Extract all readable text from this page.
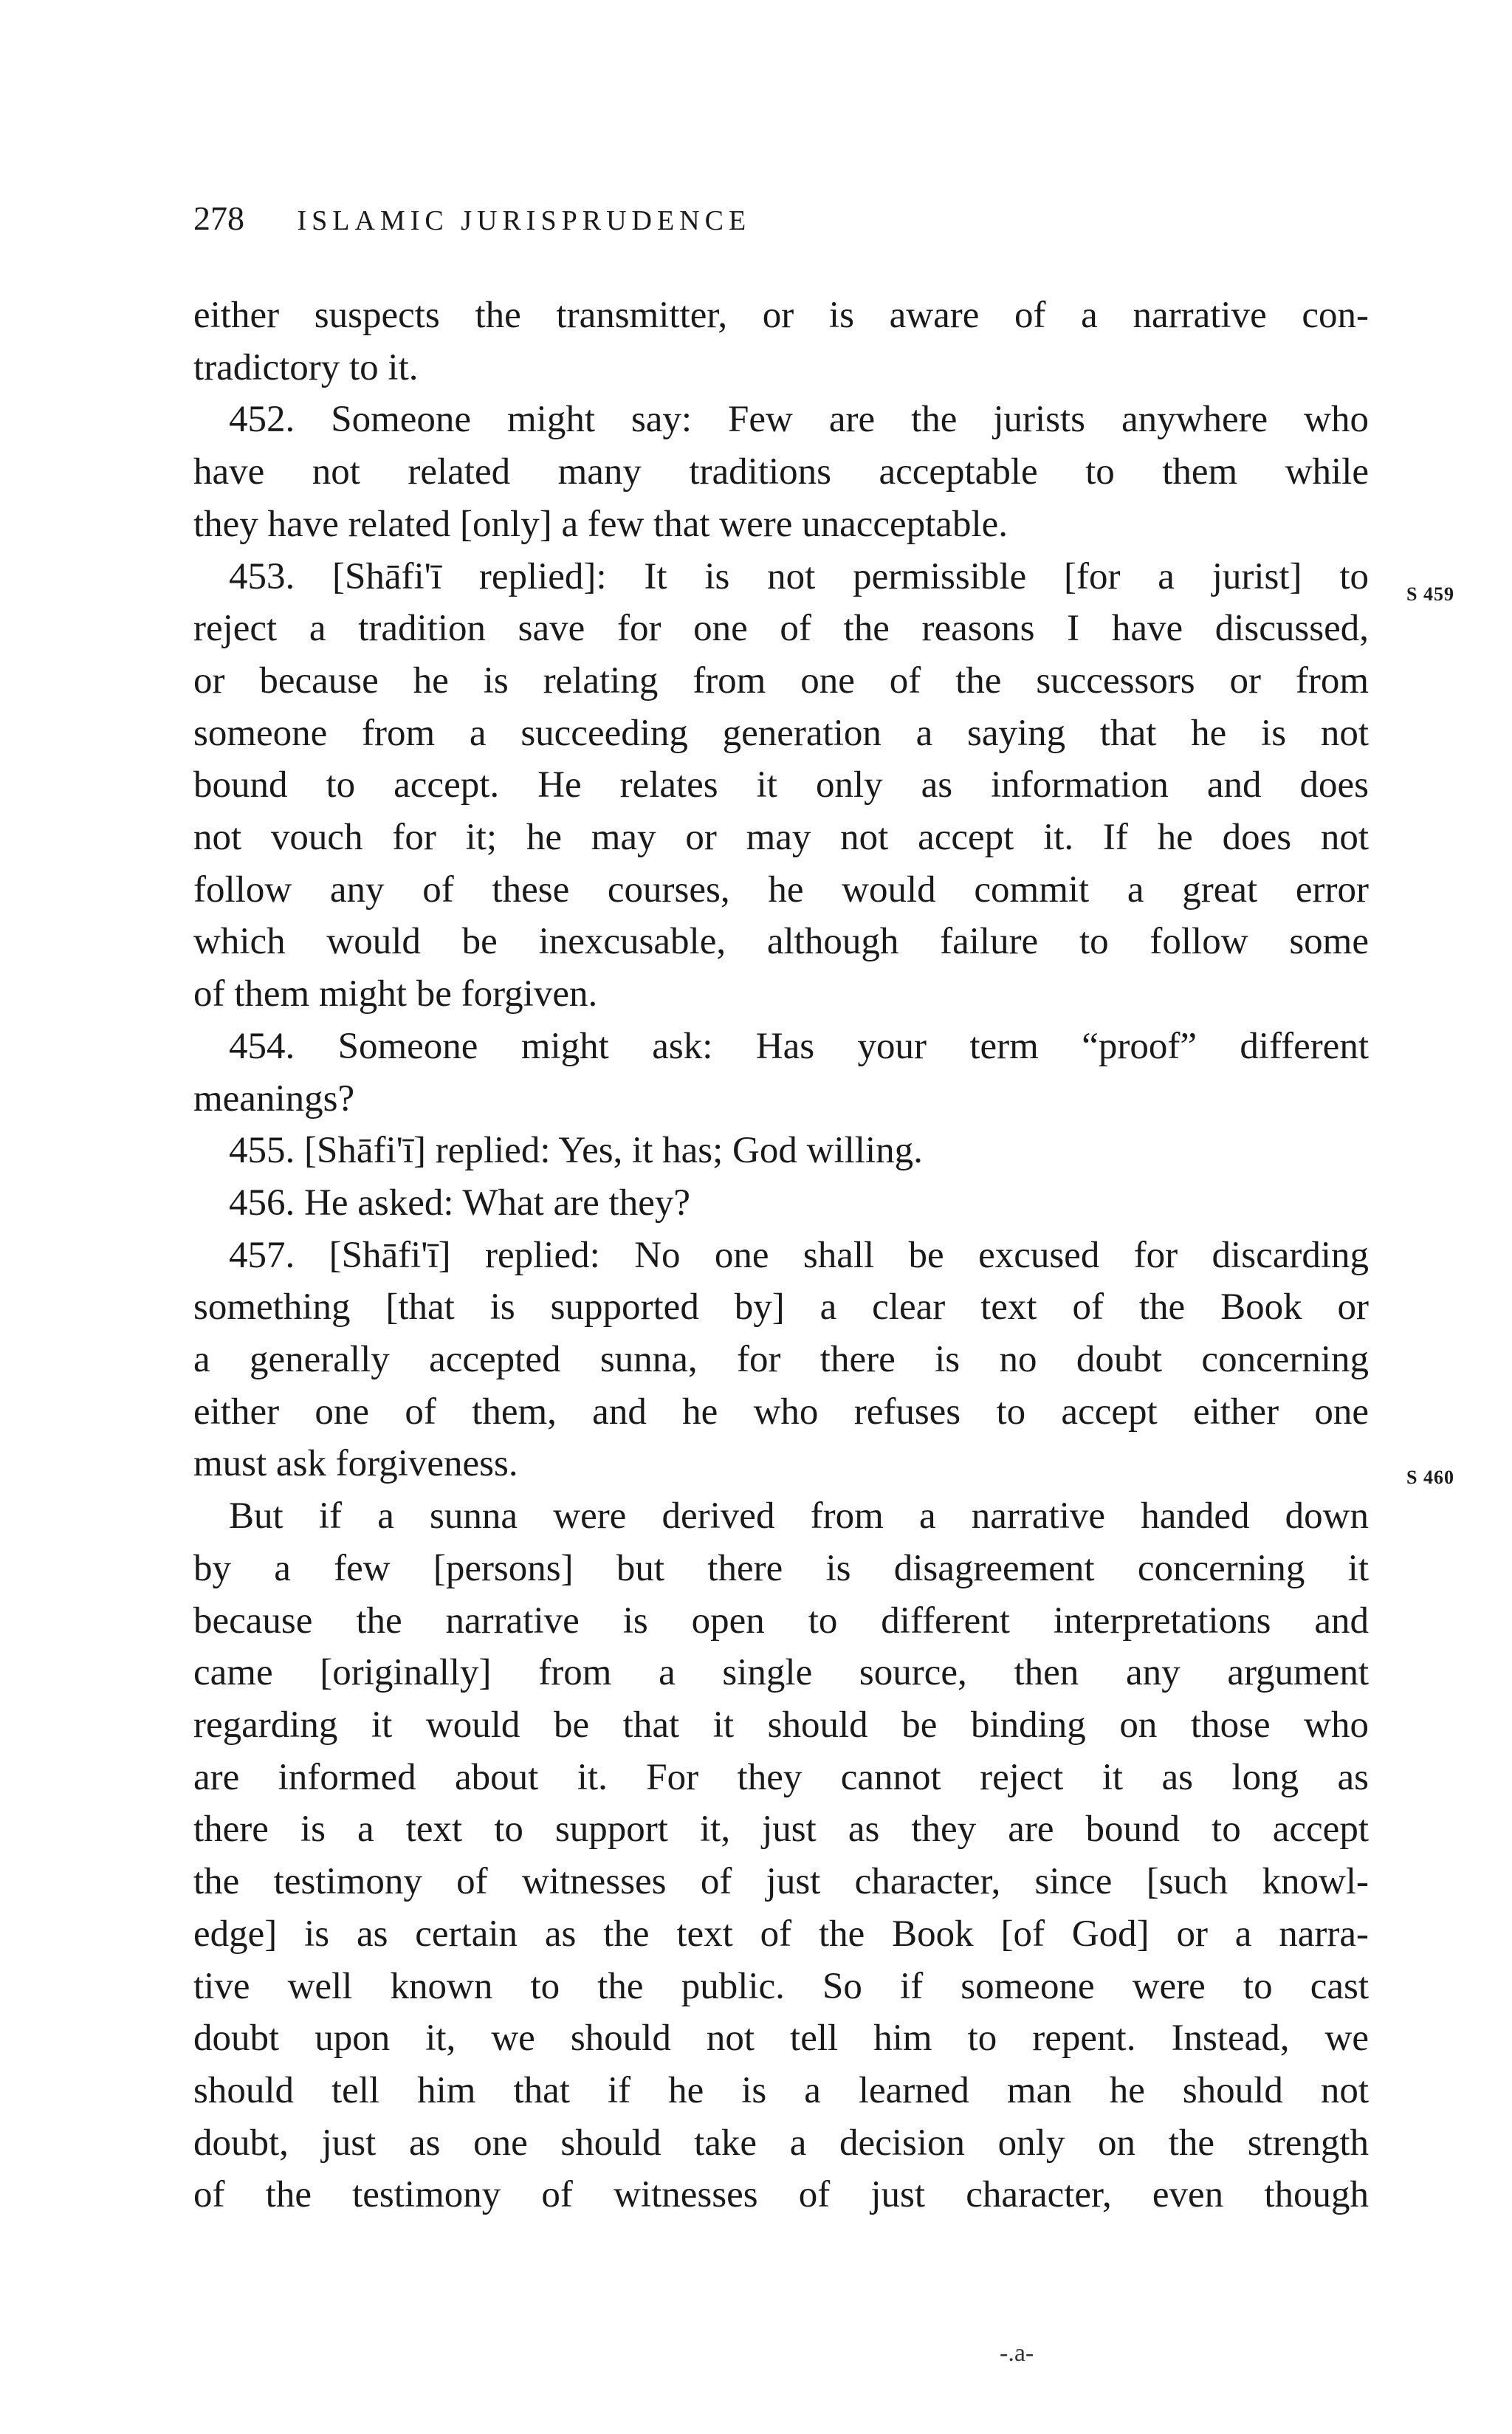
278 ISLAMIC JURISPRUDENCE
either suspects the transmitter, or is aware of a narrative con-
tradictory to it.
452. Someone might say: Few are the jurists anywhere who
have not related many traditions acceptable to them while
they have related [only] a few that were unacceptable.
453. [Shāfi'ī replied]: It is not permissible [for a jurist] to
reject a tradition save for one of the reasons I have discussed,
or because he is relating from one of the successors or from
someone from a succeeding generation a saying that he is not
bound to accept. He relates it only as information and does
not vouch for it; he may or may not accept it. If he does not
follow any of these courses, he would commit a great error
which would be inexcusable, although failure to follow some
of them might be forgiven.
454. Someone might ask: Has your term “proof” different
meanings?
455. [Shāfi'ī] replied: Yes, it has; God willing.
456. He asked: What are they?
457. [Shāfi'ī] replied: No one shall be excused for discarding
something [that is supported by] a clear text of the Book or
a generally accepted sunna, for there is no doubt concerning
either one of them, and he who refuses to accept either one
must ask forgiveness.
But if a sunna were derived from a narrative handed down
by a few [persons] but there is disagreement concerning it
because the narrative is open to different interpretations and
came [originally] from a single source, then any argument
regarding it would be that it should be binding on those who
are informed about it. For they cannot reject it as long as
there is a text to support it, just as they are bound to accept
the testimony of witnesses of just character, since [such knowl-
edge] is as certain as the text of the Book [of God] or a narra-
tive well known to the public. So if someone were to cast
doubt upon it, we should not tell him to repent. Instead, we
should tell him that if he is a learned man he should not
doubt, just as one should take a decision only on the strength
of the testimony of witnesses of just character, even though
S 459
S 460
-.a-
